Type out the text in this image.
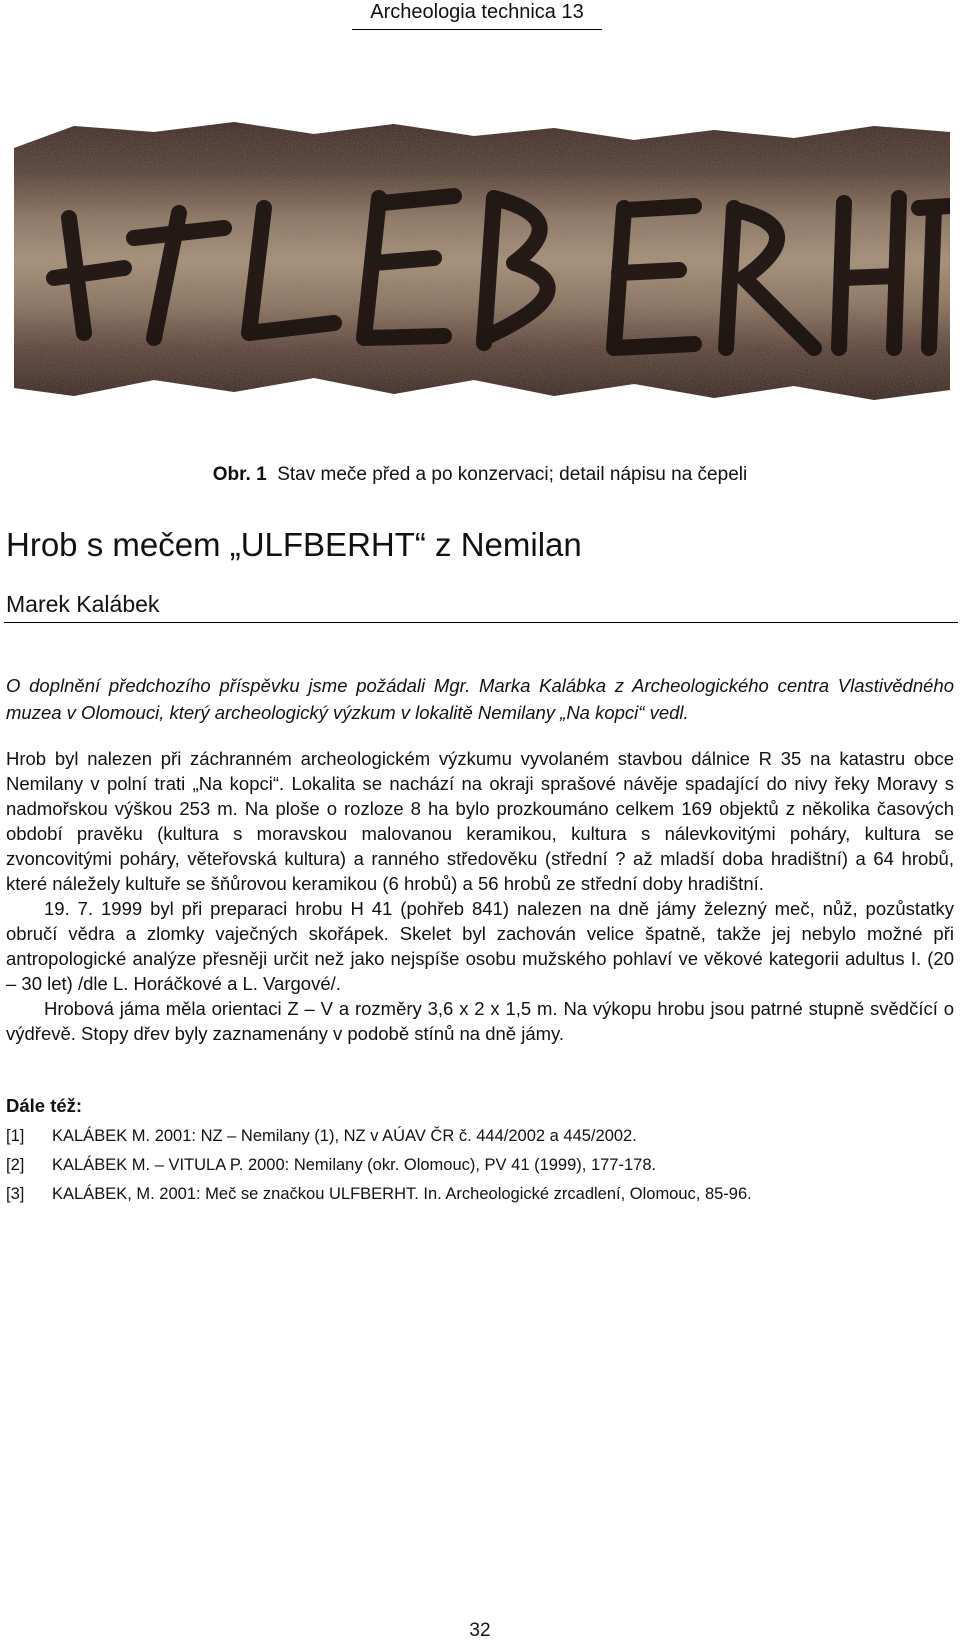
Archeologia technica 13
Obr. 1 Stav meče před a po konzervaci; detail nápisu na čepeli
Hrob s mečem „ULFBERHT“ z Nemilan
Marek Kalábek

O doplnění předchozího příspěvku jsme požádali Mgr. Marka Kalábka z Archeologického centra Vlastivědného muzea v Olomouci, který archeologický výzkum v lokalitě Nemilany „Na kopci“ vedl.

Hrob byl nalezen při záchranném archeologickém výzkumu vyvolaném stavbou dálnice R 35 na katastru obce Nemilany v polní trati „Na kopci“. Lokalita se nachází na okraji sprašové návěje spadající do nivy řeky Moravy s nadmořskou výškou 253 m. Na ploše o rozloze 8 ha bylo prozkoumáno celkem 169 objektů z několika časových období pravěku (kultura s moravskou malovanou keramikou, kultura s nálevkovitými poháry, kultura se zvoncovitými poháry, věteřovská kultura) a ranného středověku (střední ? až mladší doba hradištní) a 64 hrobů, které náležely kultuře se šňůrovou keramikou (6 hrobů) a 56 hrobů ze střední doby hradištní.

19. 7. 1999 byl při preparaci hrobu H 41 (pohřeb 841) nalezen na dně jámy železný meč, nůž, pozůstatky obručí vědra a zlomky vaječných skořápek. Skelet byl zachován velice špatně, takže jej nebylo možné při antropologické analýze přesněji určit než jako nejspíše osobu mužského pohlaví ve věkové kategorii adultus I. (20 – 30 let) /dle L. Horáčkové a L. Vargové/.

Hrobová jáma měla orientaci Z – V a rozměry 3,6 x 2 x 1,5 m. Na výkopu hrobu jsou patrné stupně svědčící o výdřevě. Stopy dřev byly zaznamenány v podobě stínů na dně jámy.

Dále též:
[1]	KALÁBEK M. 2001: NZ – Nemilany (1), NZ v AÚAV ČR č. 444/2002 a 445/2002.
[2]	KALÁBEK M. – VITULA P. 2000: Nemilany (okr. Olomouc), PV 41 (1999), 177-178.
[3]	KALÁBEK, M. 2001: Meč se značkou ULFBERHT. In. Archeologické zrcadlení, Olomouc, 85-96.
32
